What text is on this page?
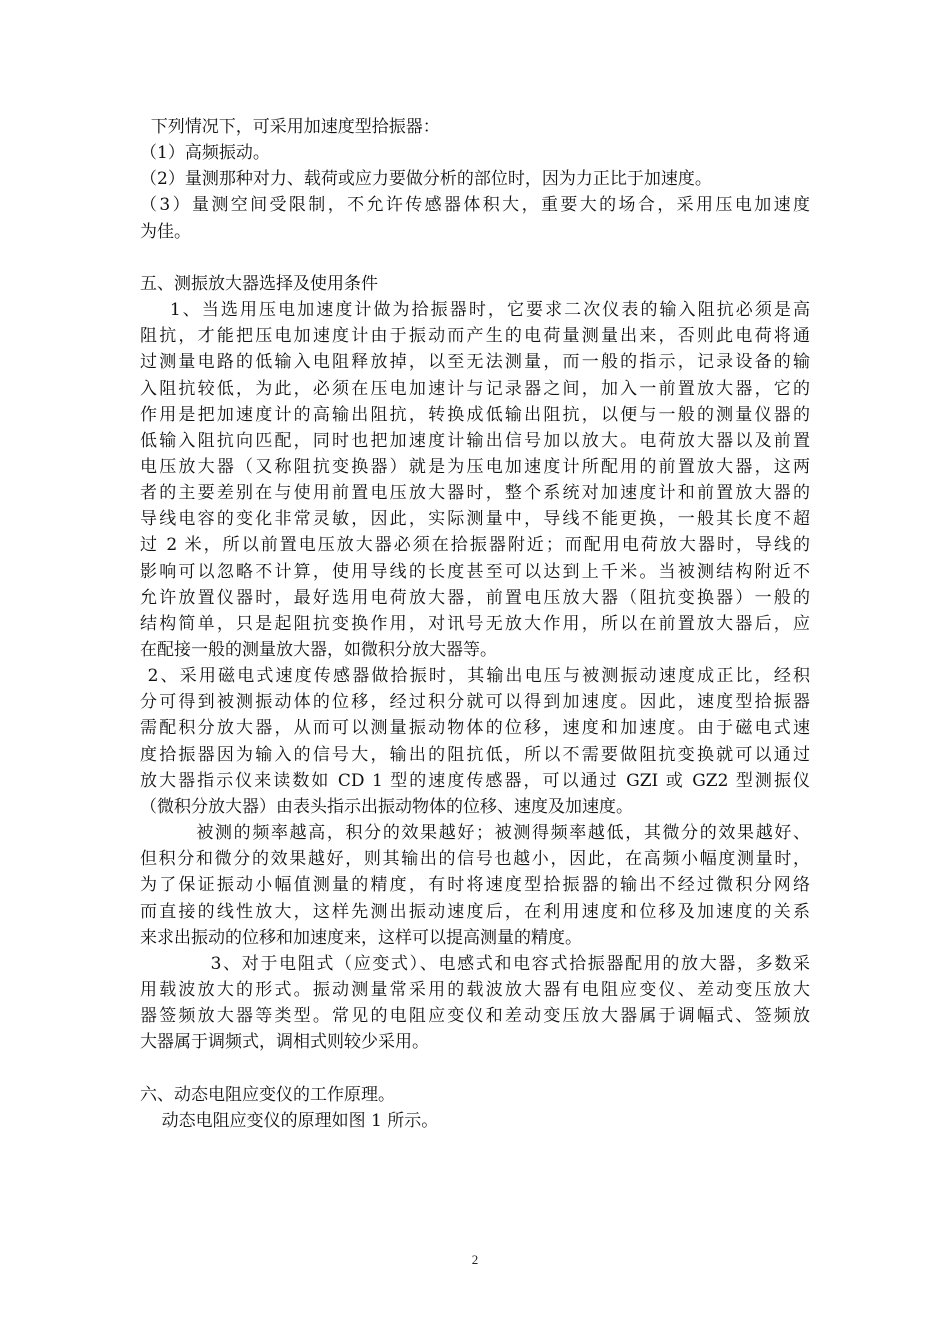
下列情况下，可采用加速度型拾振器：
（1）高频振动。
（2）量测那种对力、载荷或应力要做分析的部位时，因为力正比于加速度。
（3）量测空间受限制，不允许传感器体积大，重要大的场合，采用压电加速度
为佳。
五、测振放大器选择及使用条件
1、当选用压电加速度计做为拾振器时，它要求二次仪表的输入阻抗必须是高
阻抗，才能把压电加速度计由于振动而产生的电荷量测量出来，否则此电荷将通
过测量电路的低输入电阻释放掉，以至无法测量，而一般的指示，记录设备的输
入阻抗较低，为此，必须在压电加速计与记录器之间，加入一前置放大器，它的
作用是把加速度计的高输出阻抗，转换成低输出阻抗，以便与一般的测量仪器的
低输入阻抗向匹配，同时也把加速度计输出信号加以放大。电荷放大器以及前置
电压放大器（又称阻抗变换器）就是为压电加速度计所配用的前置放大器，这两
者的主要差别在与使用前置电压放大器时，整个系统对加速度计和前置放大器的
导线电容的变化非常灵敏，因此，实际测量中，导线不能更换，一般其长度不超
过 2 米，所以前置电压放大器必须在拾振器附近；而配用电荷放大器时，导线的
影响可以忽略不计算，使用导线的长度甚至可以达到上千米。当被测结构附近不
允许放置仪器时，最好选用电荷放大器，前置电压放大器（阻抗变换器）一般的
结构简单，只是起阻抗变换作用，对讯号无放大作用，所以在前置放大器后，应
在配接一般的测量放大器，如微积分放大器等。
2、采用磁电式速度传感器做拾振时，其输出电压与被测振动速度成正比，经积
分可得到被测振动体的位移，经过积分就可以得到加速度。因此，速度型拾振器
需配积分放大器，从而可以测量振动物体的位移，速度和加速度。由于磁电式速
度拾振器因为输入的信号大，输出的阻抗低，所以不需要做阻抗变换就可以通过
放大器指示仪来读数如 CD 1 型的速度传感器，可以通过 GZI 或 GZ2 型测振仪
（微积分放大器）由表头指示出振动物体的位移、速度及加速度。
被测的频率越高，积分的效果越好；被测得频率越低，其微分的效果越好、
但积分和微分的效果越好，则其输出的信号也越小，因此，在高频小幅度测量时，
为了保证振动小幅值测量的精度，有时将速度型拾振器的输出不经过微积分网络
而直接的线性放大，这样先测出振动速度后，在利用速度和位移及加速度的关系
来求出振动的位移和加速度来，这样可以提高测量的精度。
3、对于电阻式（应变式）、电感式和电容式拾振器配用的放大器，多数采
用载波放大的形式。振动测量常采用的载波放大器有电阻应变仪、差动变压放大
器签频放大器等类型。常见的电阻应变仪和差动变压放大器属于调幅式、签频放
大器属于调频式，调相式则较少采用。
六、动态电阻应变仪的工作原理。
动态电阻应变仪的原理如图 1 所示。
2
